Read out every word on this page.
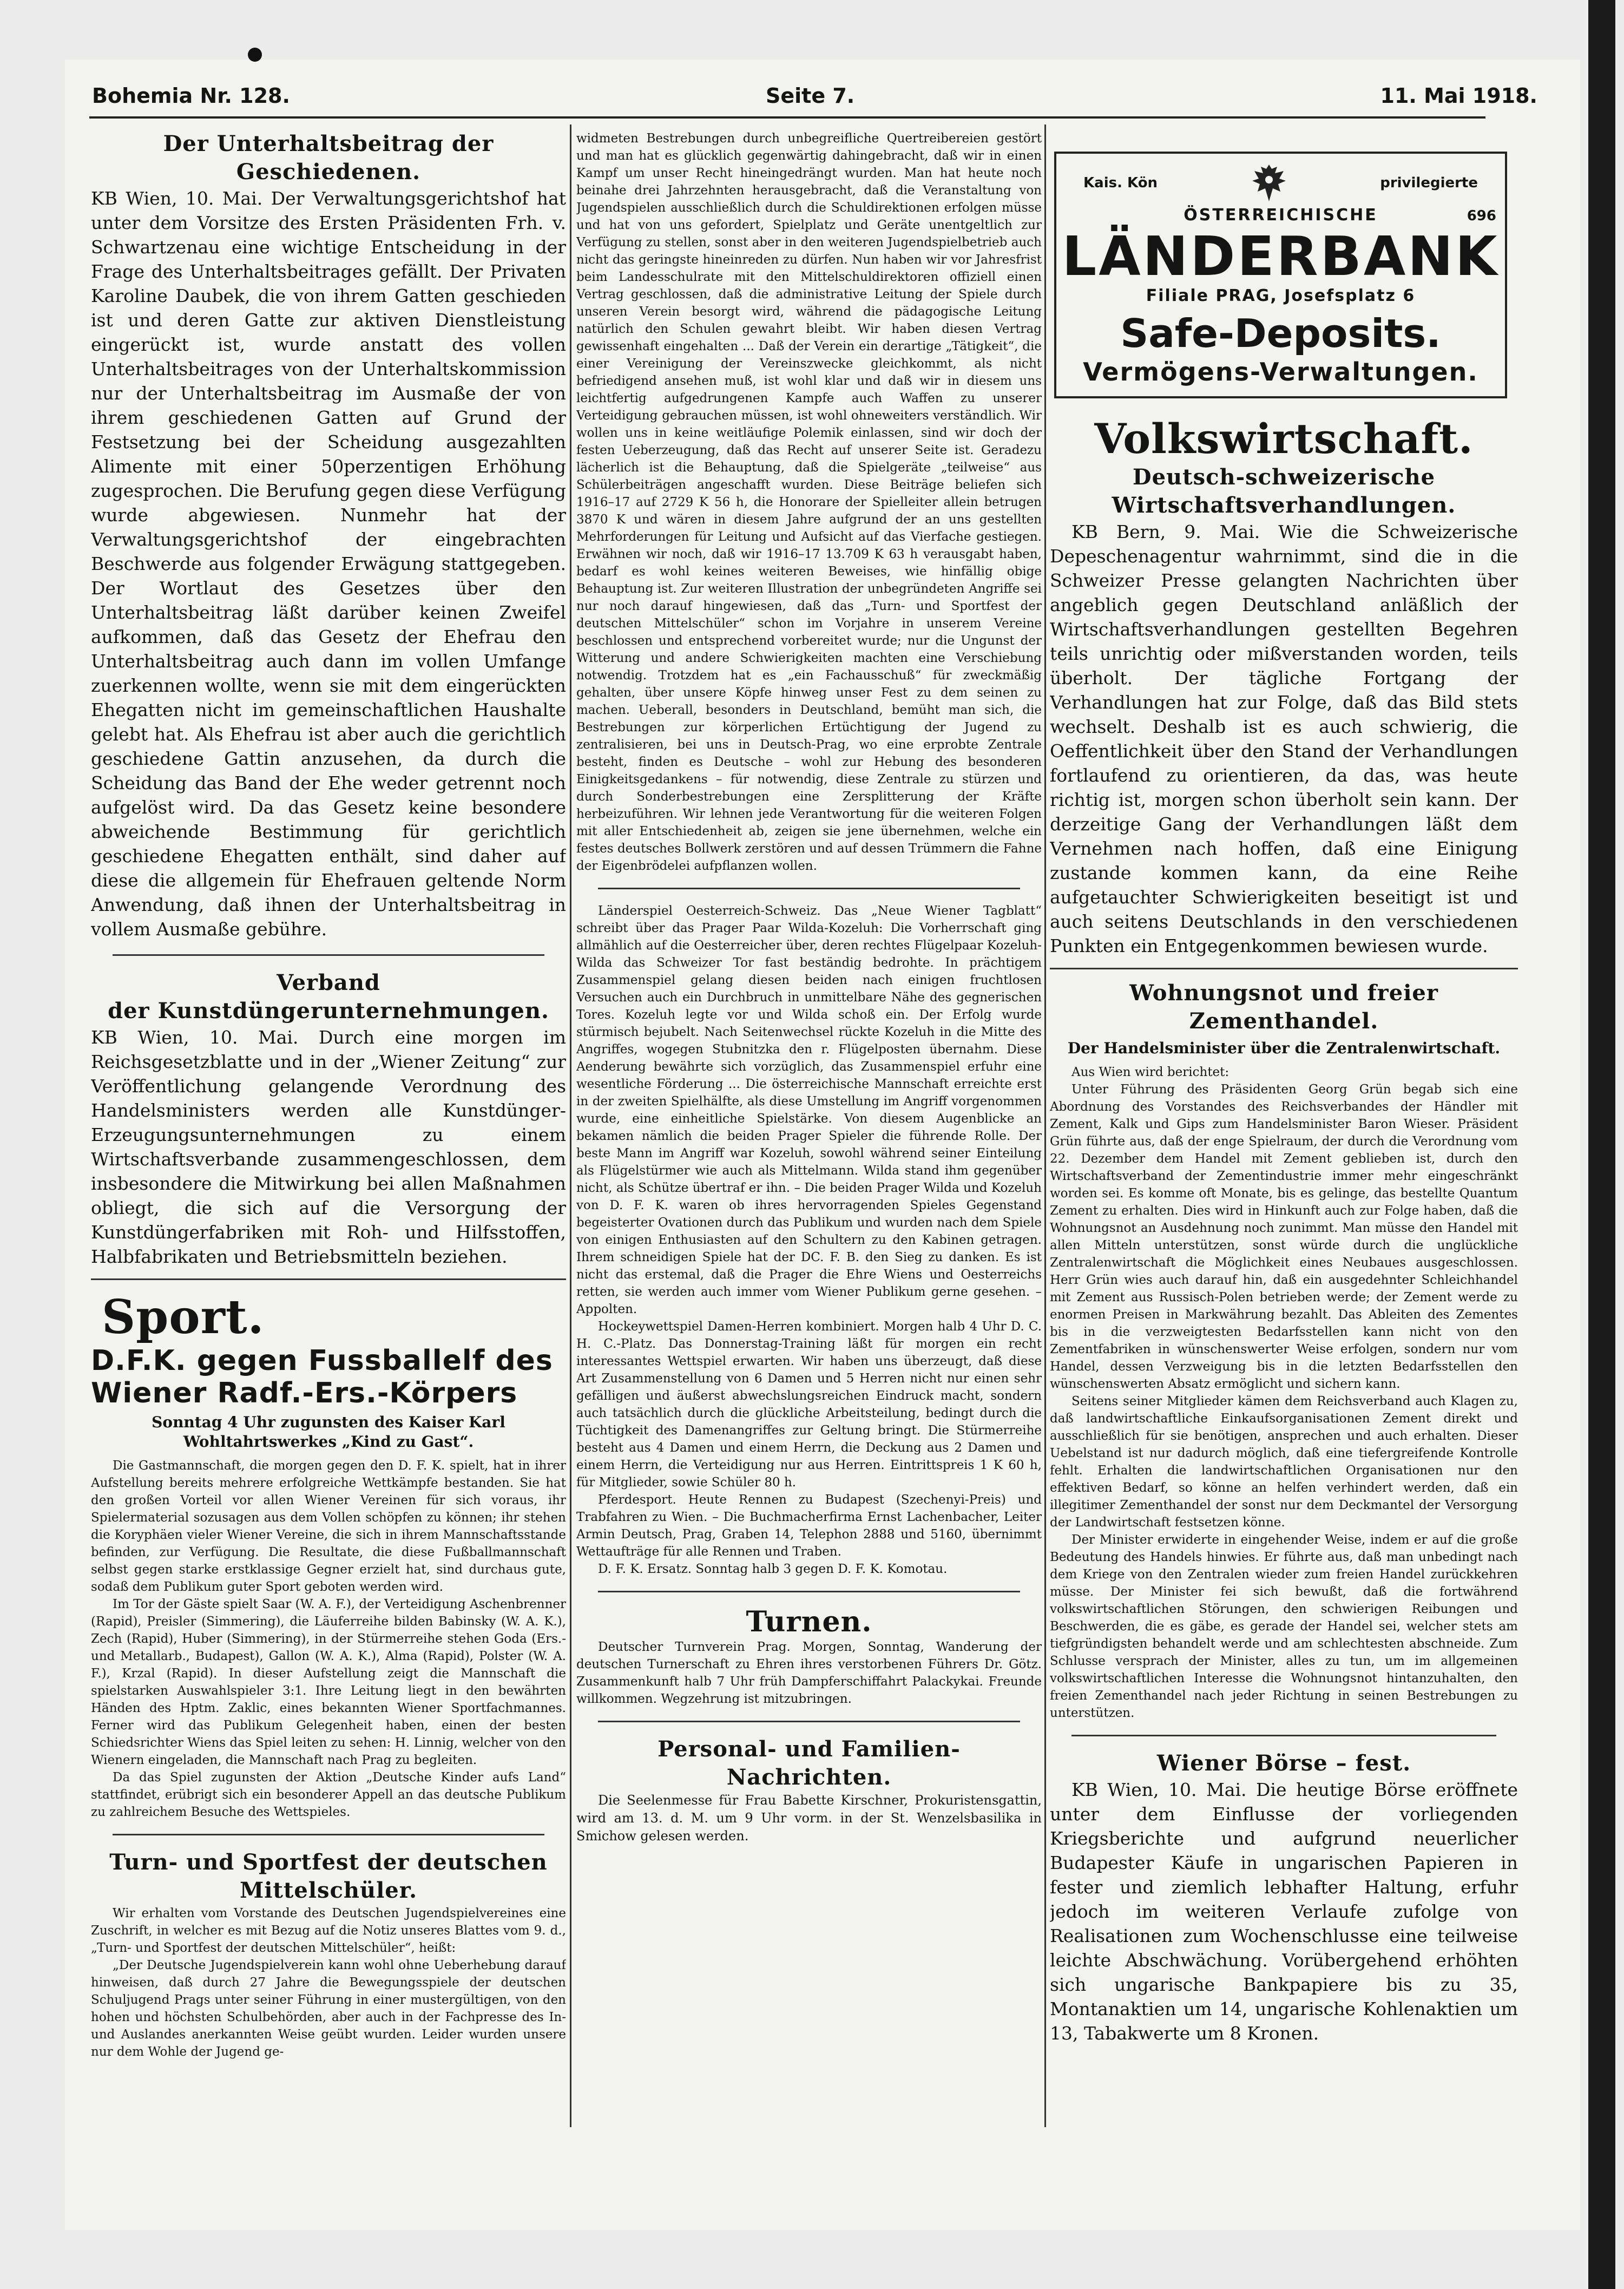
Bohemia Nr. 128.	Seite 7.	11. Mai 1918.
Der Unterhaltsbeitrag der Geschiedenen.

KB Wien, 10. Mai. Der Verwaltungsgerichtshof hat unter dem Vorsitze des Ersten Präsidenten Frh. v. Schwartzenau eine wichtige Entscheidung in der Frage des Unterhaltsbeitrages gefällt. Der Privaten Karoline Daubek, die von ihrem Gatten geschieden ist und deren Gatte zur aktiven Dienstleistung eingerückt ist, wurde anstatt des vollen Unterhaltsbeitrages von der Unterhaltskommission nur der Unterhaltsbeitrag im Ausmaße der von ihrem geschiedenen Gatten auf Grund der Festsetzung bei der Scheidung ausgezahlten Alimente mit einer 50perzentigen Erhöhung zugesprochen. Die Berufung gegen diese Verfügung wurde abgewiesen. Nunmehr hat der Verwaltungsgerichtshof der eingebrachten Beschwerde aus folgender Erwägung stattgegeben. Der Wortlaut des Gesetzes über den Unterhaltsbeitrag läßt darüber keinen Zweifel aufkommen, daß das Gesetz der Ehefrau den Unterhaltsbeitrag auch dann im vollen Umfange zuerkennen wollte, wenn sie mit dem eingerückten Ehegatten nicht im gemeinschaftlichen Haushalte gelebt hat. Als Ehefrau ist aber auch die gerichtlich geschiedene Gattin anzusehen, da durch die Scheidung das Band der Ehe weder getrennt noch aufgelöst wird. Da das Gesetz keine besondere abweichende Bestimmung für gerichtlich geschiedene Ehegatten enthält, sind daher auf diese die allgemein für Ehefrauen geltende Norm Anwendung, daß ihnen der Unterhaltsbeitrag in vollem Ausmaße gebühre.

Verband
der Kunstdüngerunternehmungen.

KB Wien, 10. Mai. Durch eine morgen im Reichsgesetzblatte und in der „Wiener Zeitung“ zur Veröffentlichung gelangende Verordnung des Handelsministers werden alle Kunstdünger-Erzeugungsunternehmungen zu einem Wirtschaftsverbande zusammengeschlossen, dem insbesondere die Mitwirkung bei allen Maßnahmen obliegt, die sich auf die Versorgung der Kunstdüngerfabriken mit Roh- und Hilfsstoffen, Halbfabrikaten und Betriebsmitteln beziehen.

Sport.
D.F.K. gegen Fussballelf des Wiener Radf.-Ers.-Körpers
Sonntag 4 Uhr zugunsten des Kaiser Karl Wohltahrtswerkes „Kind zu Gast“.

Die Gastmannschaft, die morgen gegen den D. F. K. spielt, hat in ihrer Aufstellung bereits mehrere erfolgreiche Wettkämpfe bestanden. Sie hat den großen Vorteil vor allen Wiener Vereinen für sich voraus, ihr Spielermaterial sozusagen aus dem Vollen schöpfen zu können; ihr stehen die Koryphäen vieler Wiener Vereine, die sich in ihrem Mannschaftsstande befinden, zur Verfügung. Die Resultate, die diese Fußballmannschaft selbst gegen starke erstklassige Gegner erzielt hat, sind durchaus gute, sodaß dem Publikum guter Sport geboten werden wird.

Im Tor der Gäste spielt Saar (W. A. F.), der Verteidigung Aschenbrenner (Rapid), Preisler (Simmering), die Läuferreihe bilden Babinsky (W. A. K.), Zech (Rapid), Huber (Simmering), in der Stürmerreihe stehen Goda (Ers.- und Metallarb., Budapest), Gallon (W. A. K.), Alma (Rapid), Polster (W. A. F.), Krzal (Rapid). In dieser Aufstellung zeigt die Mannschaft die spielstarken Auswahlspieler 3:1. Ihre Leitung liegt in den bewährten Händen des Hptm. Zaklic, eines bekannten Wiener Sportfachmannes. Ferner wird das Publikum Gelegenheit haben, einen der besten Schiedsrichter Wiens das Spiel leiten zu sehen: H. Linnig, welcher von den Wienern eingeladen, die Mannschaft nach Prag zu begleiten.

Da das Spiel zugunsten der Aktion „Deutsche Kinder aufs Land“ stattfindet, erübrigt sich ein besonderer Appell an das deutsche Publikum zu zahlreichem Besuche des Wettspieles.

Turn- und Sportfest der deutschen Mittelschüler.

Wir erhalten vom Vorstande des Deutschen Jugendspielvereines eine Zuschrift, in welcher es mit Bezug auf die Notiz unseres Blattes vom 9. d., „Turn- und Sportfest der deutschen Mittelschüler“, heißt:

„Der Deutsche Jugendspielverein kann wohl ohne Ueberhebung darauf hinweisen, daß durch 27 Jahre die Bewegungsspiele der deutschen Schuljugend Prags unter seiner Führung in einer mustergültigen, von den hohen und höchsten Schulbehörden, aber auch in der Fachpresse des In- und Auslandes anerkannten Weise geübt wurden. Leider wurden unsere nur dem Wohle der Jugend ge-

widmeten Bestrebungen durch unbegreifliche Quertreibereien gestört und man hat es glücklich gegenwärtig dahingebracht, daß wir in einen Kampf um unser Recht hineingedrängt wurden. Man hat heute noch beinahe drei Jahrzehnten herausgebracht, daß die Veranstaltung von Jugendspielen ausschließlich durch die Schuldirektionen erfolgen müsse und hat von uns gefordert, Spielplatz und Geräte unentgeltlich zur Verfügung zu stellen, sonst aber in den weiteren Jugendspielbetrieb auch nicht das geringste hineinreden zu dürfen. Nun haben wir vor Jahresfrist beim Landesschulrate mit den Mittelschuldirektoren offiziell einen Vertrag geschlossen, daß die administrative Leitung der Spiele durch unseren Verein besorgt wird, während die pädagogische Leitung natürlich den Schulen gewahrt bleibt. Wir haben diesen Vertrag gewissenhaft eingehalten ... Daß der Verein ein derartige „Tätigkeit“, die einer Vereinigung der Vereinszwecke gleichkommt, als nicht befriedigend ansehen muß, ist wohl klar und daß wir in diesem uns leichtfertig aufgedrungenen Kampfe auch Waffen zu unserer Verteidigung gebrauchen müssen, ist wohl ohneweiters verständlich. Wir wollen uns in keine weitläufige Polemik einlassen, sind wir doch der festen Ueberzeugung, daß das Recht auf unserer Seite ist. Geradezu lächerlich ist die Behauptung, daß die Spielgeräte „teilweise“ aus Schülerbeiträgen angeschafft wurden. Diese Beiträge beliefen sich 1916–17 auf 2729 K 56 h, die Honorare der Spielleiter allein betrugen 3870 K und wären in diesem Jahre aufgrund der an uns gestellten Mehrforderungen für Leitung und Aufsicht auf das Vierfache gestiegen. Erwähnen wir noch, daß wir 1916–17 13.709 K 63 h verausgabt haben, bedarf es wohl keines weiteren Beweises, wie hinfällig obige Behauptung ist. Zur weiteren Illustration der unbegründeten Angriffe sei nur noch darauf hingewiesen, daß das „Turn- und Sportfest der deutschen Mittelschüler“ schon im Vorjahre in unserem Vereine beschlossen und entsprechend vorbereitet wurde; nur die Ungunst der Witterung und andere Schwierigkeiten machten eine Verschiebung notwendig. Trotzdem hat es „ein Fachausschuß“ für zweckmäßig gehalten, über unsere Köpfe hinweg unser Fest zu dem seinen zu machen. Ueberall, besonders in Deutschland, bemüht man sich, die Bestrebungen zur körperlichen Ertüchtigung der Jugend zu zentralisieren, bei uns in Deutsch-Prag, wo eine erprobte Zentrale besteht, finden es Deutsche – wohl zur Hebung des besonderen Einigkeitsgedankens – für notwendig, diese Zentrale zu stürzen und durch Sonderbestrebungen eine Zersplitterung der Kräfte herbeizuführen. Wir lehnen jede Verantwortung für die weiteren Folgen mit aller Entschiedenheit ab, zeigen sie jene übernehmen, welche ein festes deutsches Bollwerk zerstören und auf dessen Trümmern die Fahne der Eigenbrödelei aufpflanzen wollen.

Länderspiel Oesterreich-Schweiz. Das „Neue Wiener Tagblatt“ schreibt über das Prager Paar Wilda-Kozeluh: Die Vorherrschaft ging allmählich auf die Oesterreicher über, deren rechtes Flügelpaar Kozeluh-Wilda das Schweizer Tor fast beständig bedrohte. In prächtigem Zusammenspiel gelang diesen beiden nach einigen fruchtlosen Versuchen auch ein Durchbruch in unmittelbare Nähe des gegnerischen Tores. Kozeluh legte vor und Wilda schoß ein. Der Erfolg wurde stürmisch bejubelt. Nach Seitenwechsel rückte Kozeluh in die Mitte des Angriffes, wogegen Stubnitzka den r. Flügelposten übernahm. Diese Aenderung bewährte sich vorzüglich, das Zusammenspiel erfuhr eine wesentliche Förderung ... Die österreichische Mannschaft erreichte erst in der zweiten Spielhälfte, als diese Umstellung im Angriff vorgenommen wurde, eine einheitliche Spielstärke. Von diesem Augenblicke an bekamen nämlich die beiden Prager Spieler die führende Rolle. Der beste Mann im Angriff war Kozeluh, sowohl während seiner Einteilung als Flügelstürmer wie auch als Mittelmann. Wilda stand ihm gegenüber nicht, als Schütze übertraf er ihn. – Die beiden Prager Wilda und Kozeluh von D. F. K. waren ob ihres hervorragenden Spieles Gegenstand begeisterter Ovationen durch das Publikum und wurden nach dem Spiele von einigen Enthusiasten auf den Schultern zu den Kabinen getragen. Ihrem schneidigen Spiele hat der DC. F. B. den Sieg zu danken. Es ist nicht das erstemal, daß die Prager die Ehre Wiens und Oesterreichs retten, sie werden auch immer vom Wiener Publikum gerne gesehen. – Appolten.

Hockeywettspiel Damen-Herren kombiniert. Morgen halb 4 Uhr D. C. H. C.-Platz. Das Donnerstag-Training läßt für morgen ein recht interessantes Wettspiel erwarten. Wir haben uns überzeugt, daß diese Art Zusammenstellung von 6 Damen und 5 Herren nicht nur einen sehr gefälligen und äußerst abwechslungsreichen Eindruck macht, sondern auch tatsächlich durch die glückliche Arbeitsteilung, bedingt durch die Tüchtigkeit des Damenangriffes zur Geltung bringt. Die Stürmerreihe besteht aus 4 Damen und einem Herrn, die Deckung aus 2 Damen und einem Herrn, die Verteidigung nur aus Herren. Eintrittspreis 1 K 60 h, für Mitglieder, sowie Schüler 80 h.

Pferdesport. Heute Rennen zu Budapest (Szechenyi-Preis) und Trabfahren zu Wien. – Die Buchmacherfirma Ernst Lachenbacher, Leiter Armin Deutsch, Prag, Graben 14, Telephon 2888 und 5160, übernimmt Wettaufträge für alle Rennen und Traben.

D. F. K. Ersatz. Sonntag halb 3 gegen D. F. K. Komotau.

Turnen.

Deutscher Turnverein Prag. Morgen, Sonntag, Wanderung der deutschen Turnerschaft zu Ehren ihres verstorbenen Führers Dr. Götz. Zusammenkunft halb 7 Uhr früh Dampferschiffahrt Palackykai. Freunde willkommen. Wegzehrung ist mitzubringen.

Personal- und Familien-Nachrichten.

Die Seelenmesse für Frau Babette Kirschner, Prokuristensgattin, wird am 13. d. M. um 9 Uhr vorm. in der St. Wenzelsbasilika in Smichow gelesen werden.

Kais. Kön	privilegierte
ÖSTERREICHISCHE	696
LÄNDERBANK
Filiale PRAG, Josefsplatz 6
Safe-Deposits.
Vermögens-Verwaltungen.
Volkswirtschaft.
Deutsch-schweizerische Wirtschaftsverhandlungen.

KB Bern, 9. Mai. Wie die Schweizerische Depeschenagentur wahrnimmt, sind die in die Schweizer Presse gelangten Nachrichten über angeblich gegen Deutschland anläßlich der Wirtschaftsverhandlungen gestellten Begehren teils unrichtig oder mißverstanden worden, teils überholt. Der tägliche Fortgang der Verhandlungen hat zur Folge, daß das Bild stets wechselt. Deshalb ist es auch schwierig, die Oeffentlichkeit über den Stand der Verhandlungen fortlaufend zu orientieren, da das, was heute richtig ist, morgen schon überholt sein kann. Der derzeitige Gang der Verhandlungen läßt dem Vernehmen nach hoffen, daß eine Einigung zustande kommen kann, da eine Reihe aufgetauchter Schwierigkeiten beseitigt ist und auch seitens Deutschlands in den verschiedenen Punkten ein Entgegenkommen bewiesen wurde.

Wohnungsnot und freier Zementhandel.
Der Handelsminister über die Zentralenwirtschaft.

Aus Wien wird berichtet:

Unter Führung des Präsidenten Georg Grün begab sich eine Abordnung des Vorstandes des Reichsverbandes der Händler mit Zement, Kalk und Gips zum Handelsminister Baron Wieser. Präsident Grün führte aus, daß der enge Spielraum, der durch die Verordnung vom 22. Dezember dem Handel mit Zement geblieben ist, durch den Wirtschaftsverband der Zementindustrie immer mehr eingeschränkt worden sei. Es komme oft Monate, bis es gelinge, das bestellte Quantum Zement zu erhalten. Dies wird in Hinkunft auch zur Folge haben, daß die Wohnungsnot an Ausdehnung noch zunimmt. Man müsse den Handel mit allen Mitteln unterstützen, sonst würde durch die unglückliche Zentralenwirtschaft die Möglichkeit eines Neubaues ausgeschlossen. Herr Grün wies auch darauf hin, daß ein ausgedehnter Schleichhandel mit Zement aus Russisch-Polen betrieben werde; der Zement werde zu enormen Preisen in Markwährung bezahlt. Das Ableiten des Zementes bis in die verzweigtesten Bedarfsstellen kann nicht von den Zementfabriken in wünschenswerter Weise erfolgen, sondern nur vom Handel, dessen Verzweigung bis in die letzten Bedarfsstellen den wünschenswerten Absatz ermöglicht und sichern kann.

Seitens seiner Mitglieder kämen dem Reichsverband auch Klagen zu, daß landwirtschaftliche Einkaufsorganisationen Zement direkt und ausschließlich für sie benötigen, ansprechen und auch erhalten. Dieser Uebelstand ist nur dadurch möglich, daß eine tiefergreifende Kontrolle fehlt. Erhalten die landwirtschaftlichen Organisationen nur den effektiven Bedarf, so könne an helfen verhindert werden, daß ein illegitimer Zementhandel der sonst nur dem Deckmantel der Versorgung der Landwirtschaft festsetzen könne.

Der Minister erwiderte in eingehender Weise, indem er auf die große Bedeutung des Handels hinwies. Er führte aus, daß man unbedingt nach dem Kriege von den Zentralen wieder zum freien Handel zurückkehren müsse. Der Minister fei sich bewußt, daß die fortwährend volkswirtschaftlichen Störungen, den schwierigen Reibungen und Beschwerden, die es gäbe, es gerade der Handel sei, welcher stets am tiefgründigsten behandelt werde und am schlechtesten abschneide. Zum Schlusse versprach der Minister, alles zu tun, um im allgemeinen volkswirtschaftlichen Interesse die Wohnungsnot hintanzuhalten, den freien Zementhandel nach jeder Richtung in seinen Bestrebungen zu unterstützen.

Wiener Börse – fest.

KB Wien, 10. Mai. Die heutige Börse eröffnete unter dem Einflusse der vorliegenden Kriegsberichte und aufgrund neuerlicher Budapester Käufe in ungarischen Papieren in fester und ziemlich lebhafter Haltung, erfuhr jedoch im weiteren Verlaufe zufolge von Realisationen zum Wochenschlusse eine teilweise leichte Abschwächung. Vorübergehend erhöhten sich ungarische Bankpapiere bis zu 35, Montanaktien um 14, ungarische Kohlenaktien um 13, Tabakwerte um 8 Kronen.
